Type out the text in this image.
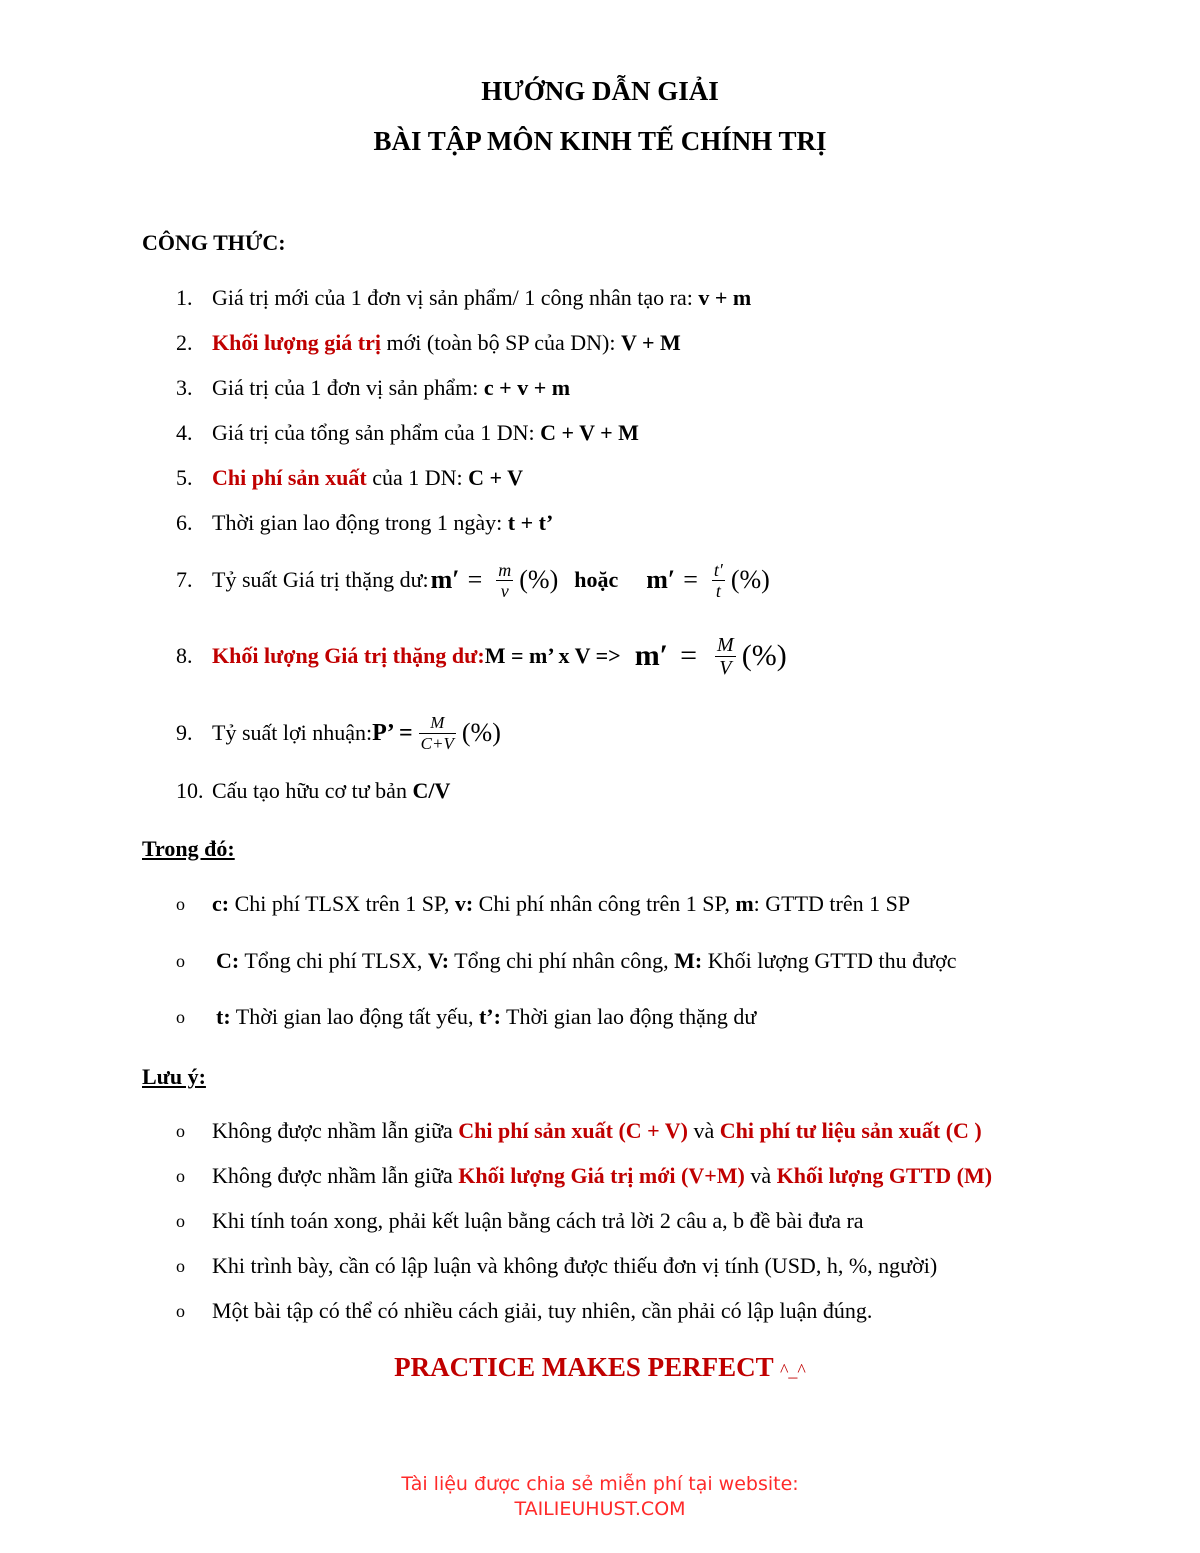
HƯỚNG DẪN GIẢI
BÀI TẬP MÔN KINH TẾ CHÍNH TRỊ
CÔNG THỨC:
1. Giá trị mới của 1 đơn vị sản phẩm/ 1 công nhân tạo ra: v + m
2. Khối lượng giá trị mới (toàn bộ SP của DN): V + M
3. Giá trị của 1 đơn vị sản phẩm: c + v + m
4. Giá trị của tổng sản phẩm của 1 DN: C + V + M
5. Chi phí sản xuất của 1 DN: C + V
6. Thời gian lao động trong 1 ngày: t + t’
7. Tỷ suất Giá trị thặng dư: $m' = \frac{m}{v}$ (%) hoặc $m' = \frac{t'}{t}$ (%)
8. Khối lượng Giá trị thặng dư: M = m’ x $V => m' = \frac{M}{V}$ (%)
9. Tỷ suất lợi nhuận: P’ = $\frac{M}{C+V}$ (%)
10. Cấu tạo hữu cơ tư bản C/V
Trong đó:
o c: Chi phí TLSX trên 1 SP, v: Chi phí nhân công trên 1 SP, m: GTTD trên 1 SP
o C: Tổng chi phí TLSX, V: Tổng chi phí nhân công, M: Khối lượng GTTD thu được
o t: Thời gian lao động tất yếu, t’: Thời gian lao động thặng dư
Lưu ý:
o Không được nhầm lẫn giữa Chi phí sản xuất (C + V) và Chi phí tư liệu sản xuất (C )
o Không được nhầm lẫn giữa Khối lượng Giá trị mới (V+M) và Khối lượng GTTD (M)
o Khi tính toán xong, phải kết luận bằng cách trả lời 2 câu a, b đề bài đưa ra
o Khi trình bày, cần có lập luận và không được thiếu đơn vị tính (USD, h, %, người)
o Một bài tập có thể có nhiều cách giải, tuy nhiên, cần phải có lập luận đúng.
PRACTICE MAKES PERFECT ^_^
Tài liệu được chia sẻ miễn phí tại website:
TAILIEUHUST.COM
